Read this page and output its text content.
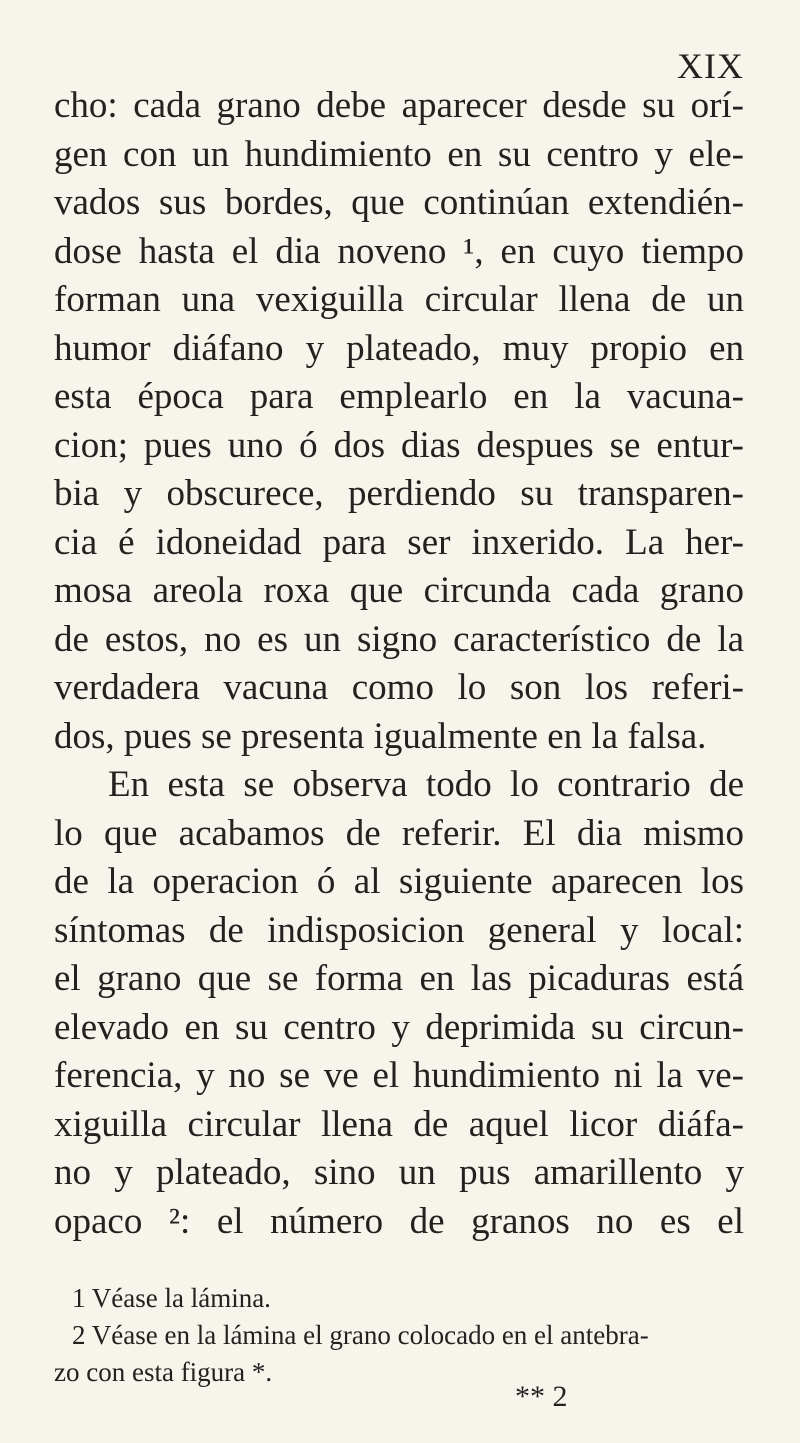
XIX
cho: cada grano debe aparecer desde su orí-
gen con un hundimiento en su centro y ele-
vados sus bordes, que continúan extendién-
dose hasta el dia noveno ¹, en cuyo tiempo
forman una vexiguilla circular llena de un
humor diáfano y plateado, muy propio en
esta época para emplearlo en la vacuna-
cion; pues uno ó dos dias despues se entur-
bia y obscurece, perdiendo su transparen-
cia é idoneidad para ser inxerido. La her-
mosa areola roxa que circunda cada grano
de estos, no es un signo característico de la
verdadera vacuna como lo son los referi-
dos, pues se presenta igualmente en la falsa.
En esta se observa todo lo contrario de
lo que acabamos de referir. El dia mismo
de la operacion ó al siguiente aparecen los
síntomas de indisposicion general y local:
el grano que se forma en las picaduras está
elevado en su centro y deprimida su circun-
ferencia, y no se ve el hundimiento ni la ve-
xiguilla circular llena de aquel licor diáfa-
no y plateado, sino un pus amarillento y
opaco ²: el número de granos no es el
1 Véase la lámina.
2 Véase en la lámina el grano colocado en el antebra-
zo con esta figura *.
** 2
